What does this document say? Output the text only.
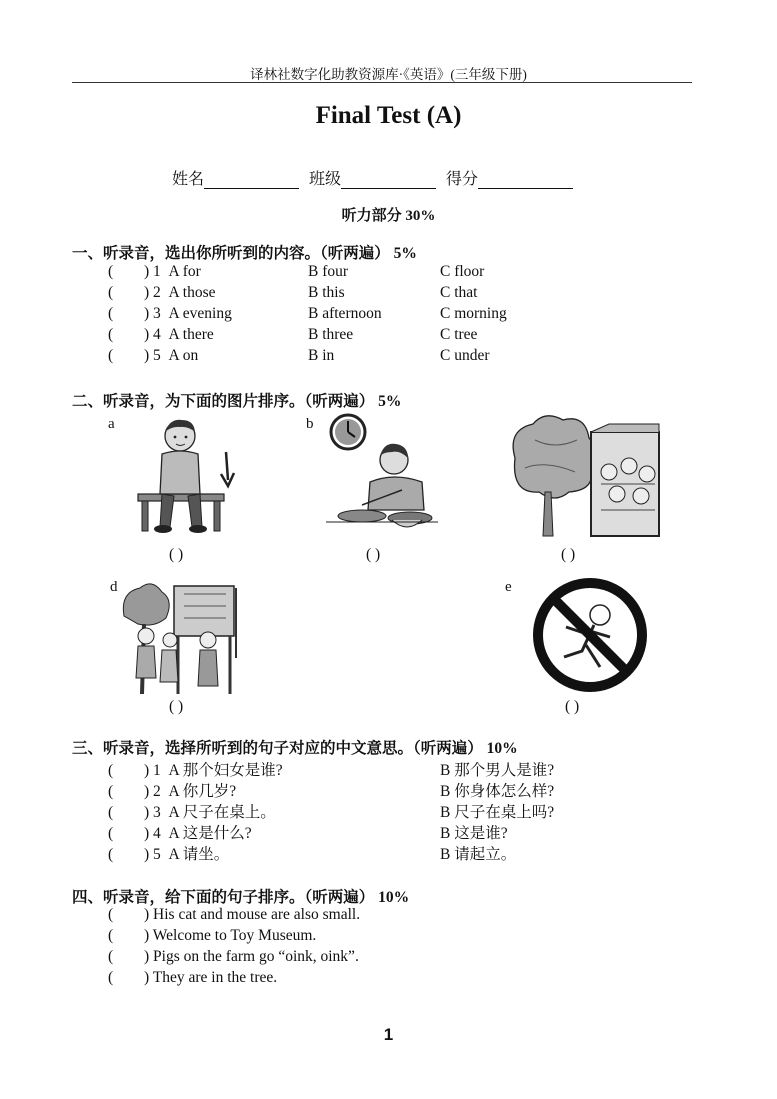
译林社数字化助教资源库·《英语》(三年级下册)
Final Test (A)
姓名	班级	得分
听力部分 30%
一、听录音，选出你所听到的内容。（听两遍） 5%
( ) 1 A for	B four	C floor
( ) 2 A those	B this	C that
( ) 3 A evening	B afternoon	C morning
( ) 4 A there	B three	C tree
( ) 5 A on	B in	C under
二、听录音，为下面的图片排序。（听两遍） 5%
a	b	c
d	e
( )	( )	( )
( )	( )
三、听录音，选择所听到的句子对应的中文意思。（听两遍） 10%
( ) 1 A 那个妇女是谁?	B 那个男人是谁?
( ) 2 A 你几岁?	B 你身体怎么样?
( ) 3 A 尺子在桌上。	B 尺子在桌上吗?
( ) 4 A 这是什么?	B 这是谁?
( ) 5 A 请坐。	B 请起立。
四、听录音，给下面的句子排序。（听两遍） 10%
( ) His cat and mouse are also small.
( ) Welcome to Toy Museum.
( ) Pigs on the farm go “oink, oink”.
( ) They are in the tree.
1
